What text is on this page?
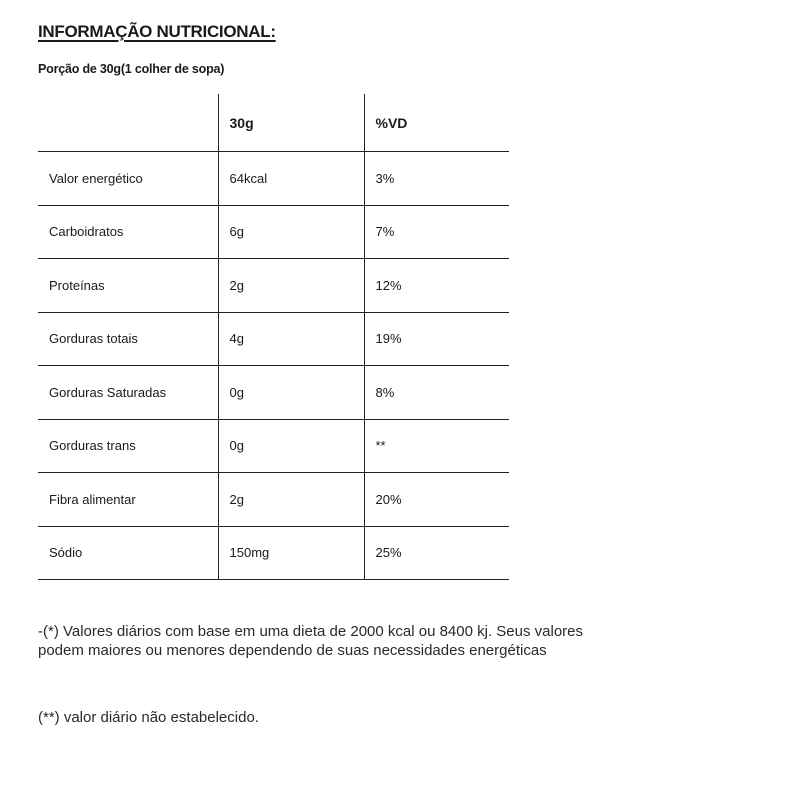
INFORMAÇÃO NUTRICIONAL:
Porção de 30g(1 colher de sopa)
	30g	%VD
Valor energético	64kcal	3%
Carboidratos	6g	7%
Proteínas	2g	12%
Gorduras totais	4g	19%
Gorduras Saturadas	0g	8%
Gorduras trans	0g	**
Fibra alimentar	2g	20%
Sódio	150mg	25%

-(*) Valores diários com base em uma dieta de 2000 kcal ou 8400 kj. Seus valores podem maiores ou menores dependendo de suas necessidades energéticas

(**) valor diário não estabelecido.
